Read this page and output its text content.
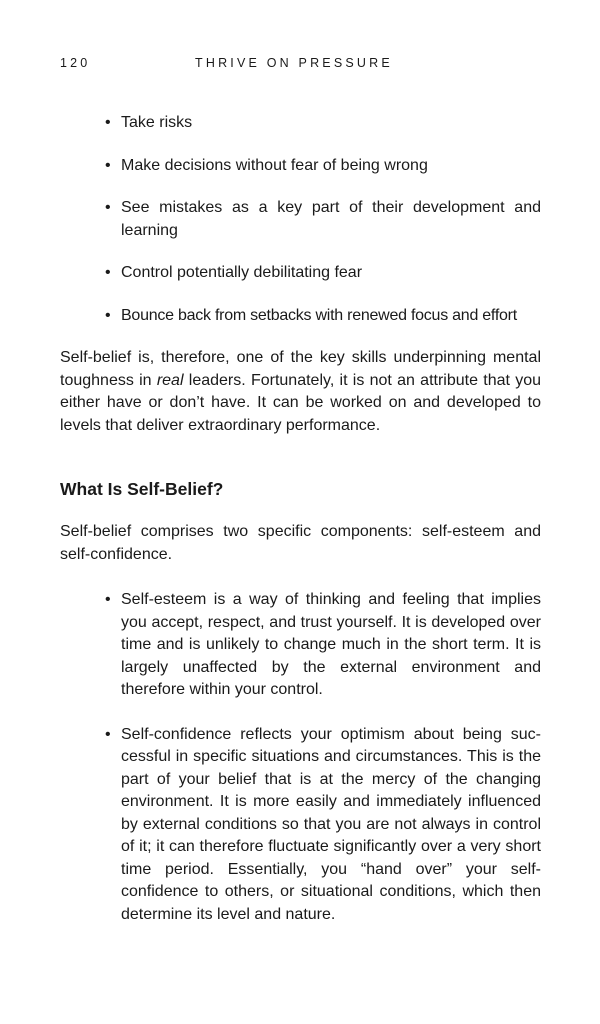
120	THRIVE ON PRESSURE
• Take risks
• Make decisions without fear of being wrong
• See mistakes as a key part of their development and learning
• Control potentially debilitating fear
• Bounce back from setbacks with renewed focus and effort

Self-belief is, therefore, one of the key skills underpinning mental toughness in real leaders. Fortunately, it is not an attribute that you either have or don’t have. It can be worked on and developed to levels that deliver extraordinary performance.

What Is Self-Belief?

Self-belief comprises two specific components: self-esteem and self-confidence.

• Self-esteem is a way of thinking and feeling that implies you accept, respect, and trust yourself. It is developed over time and is unlikely to change much in the short term. It is largely unaffected by the external environment and therefore within your control.
• Self-confidence reflects your optimism about being successful in specific situations and circumstances. This is the part of your belief that is at the mercy of the changing environment. It is more easily and immediately influenced by external conditions so that you are not always in control of it; it can therefore fluctuate significantly over a very short time period. Essentially, you “hand over” your self-confidence to others, or situational conditions, which then determine its level and nature.
